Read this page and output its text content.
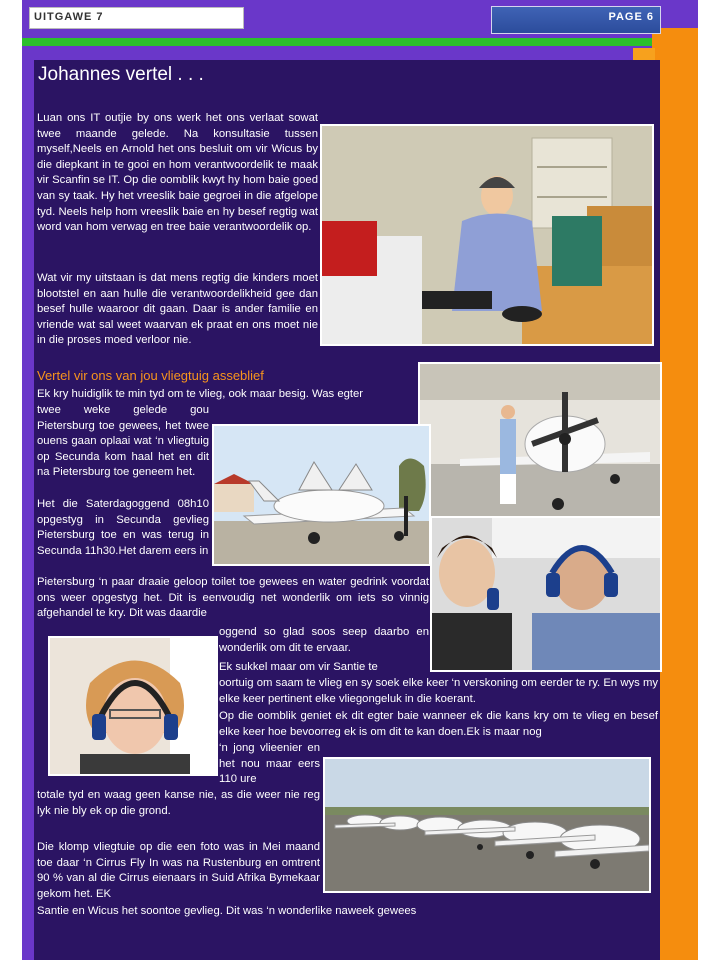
UITGAWE 7	PAGE 6
Johannes vertel . . .

Luan ons IT outjie by ons werk het ons verlaat sowat twee maande gelede. Na konsultasie tussen myself,Neels en Arnold het ons besluit om vir Wicus by die diepkant in te gooi en hom verantwoordelik te maak vir Scanfin se IT. Op die oomblik kwyt hy hom baie goed van sy taak. Hy het vreeslik baie gegroei in die afgelope tyd. Neels help hom vreeslik baie en hy besef regtig wat word van hom verwag en tree baie verantwoordelik op.

Wat vir my uitstaan is dat mens regtig die kinders moet blootstel en aan hulle die verantwoordelikheid gee dan besef hulle waaroor dit gaan. Daar is ander familie en vriende wat sal weet waarvan ek praat en ons moet nie in die proses moed verloor nie.

Vertel vir ons van jou vliegtuig asseblief

Ek kry huidiglik te min tyd om te vlieg, ook maar besig. Was egter

twee weke gelede gou Pietersburg toe gewees, het twee ouens gaan oplaai wat ‘n vliegtuig op Secunda kom haal het en dit na Pietersburg toe geneem het.

Het die Saterdagoggend 08h10 opgestyg in Secunda gevlieg Pietersburg toe en was terug in Secunda 11h30.Het darem eers in

Pietersburg ‘n paar draaie geloop toilet toe gewees en water gedrink voordat ons weer opgestyg het. Dit is eenvoudig net wonderlik om iets so vinnig afgehandel te kry. Dit was daardie

oggend so glad soos seep daarbo en wonderlik om dit te ervaar.

Ek sukkel maar om vir Santie te

oortuig om saam te vlieg en sy soek elke keer ‘n verskoning om eerder te ry. En wys my elke keer pertinent elke vliegongeluk in die koerant.

Op die oomblik geniet ek dit egter baie wanneer ek die kans kry om te vlieg en besef elke keer hoe bevoorreg ek is om dit te kan doen.Ek is maar nog

‘n jong vlieenier en het nou maar eers 110 ure

totale tyd en waag geen kanse nie, as die weer nie reg lyk nie bly ek op die grond.

Die klomp vliegtuie op die een foto was in Mei maand toe daar ‘n Cirrus Fly In was na Rustenburg en omtrent 90 % van al die Cirrus eienaars in Suid Afrika Bymekaar gekom het. EK

Santie en Wicus het soontoe gevlieg. Dit was ‘n wonderlike naweek gewees
